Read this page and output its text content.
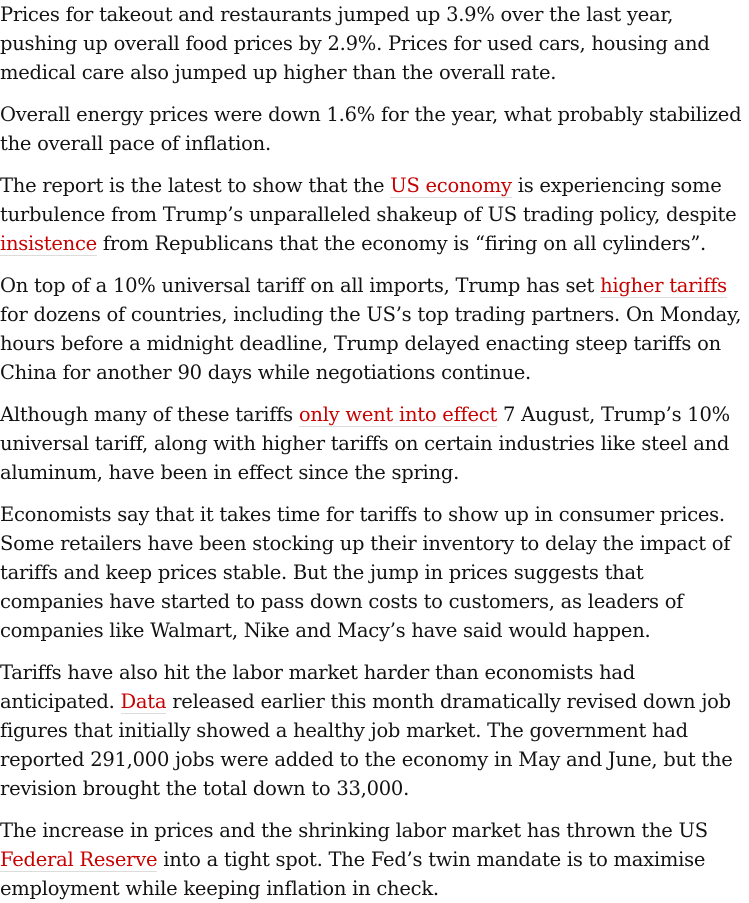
Prices for takeout and restaurants jumped up 3.9% over the last year, pushing up overall food prices by 2.9%. Prices for used cars, housing and medical care also jumped up higher than the overall rate.

Overall energy prices were down 1.6% for the year, what probably stabilized the overall pace of inflation.

The report is the latest to show that the US economy is experiencing some turbulence from Trump’s unparalleled shakeup of US trading policy, despite insistence from Republicans that the economy is “firing on all cylinders”.

On top of a 10% universal tariff on all imports, Trump has set higher tariffs for dozens of countries, including the US’s top trading partners. On Monday, hours before a midnight deadline, Trump delayed enacting steep tariffs on China for another 90 days while negotiations continue.

Although many of these tariffs only went into effect 7 August, Trump’s 10% universal tariff, along with higher tariffs on certain industries like steel and aluminum, have been in effect since the spring.

Economists say that it takes time for tariffs to show up in consumer prices. Some retailers have been stocking up their inventory to delay the impact of tariffs and keep prices stable. But the jump in prices suggests that companies have started to pass down costs to customers, as leaders of companies like Walmart, Nike and Macy’s have said would happen.

Tariffs have also hit the labor market harder than economists had anticipated. Data released earlier this month dramatically revised down job figures that initially showed a healthy job market. The government had reported 291,000 jobs were added to the economy in May and June, but the revision brought the total down to 33,000.

The increase in prices and the shrinking labor market has thrown the US Federal Reserve into a tight spot. The Fed’s twin mandate is to maximise employment while keeping inflation in check.
